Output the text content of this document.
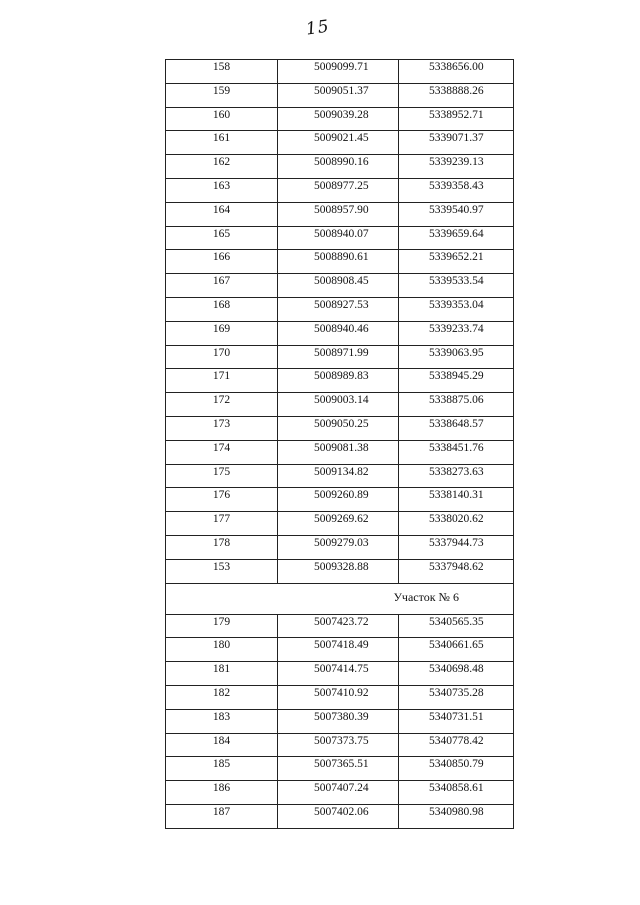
15
158	5009099.71	5338656.00
159	5009051.37	5338888.26
160	5009039.28	5338952.71
161	5009021.45	5339071.37
162	5008990.16	5339239.13
163	5008977.25	5339358.43
164	5008957.90	5339540.97
165	5008940.07	5339659.64
166	5008890.61	5339652.21
167	5008908.45	5339533.54
168	5008927.53	5339353.04
169	5008940.46	5339233.74
170	5008971.99	5339063.95
171	5008989.83	5338945.29
172	5009003.14	5338875.06
173	5009050.25	5338648.57
174	5009081.38	5338451.76
175	5009134.82	5338273.63
176	5009260.89	5338140.31
177	5009269.62	5338020.62
178	5009279.03	5337944.73
153	5009328.88	5337948.62
Участок № 6		
179	5007423.72	5340565.35
180	5007418.49	5340661.65
181	5007414.75	5340698.48
182	5007410.92	5340735.28
183	5007380.39	5340731.51
184	5007373.75	5340778.42
185	5007365.51	5340850.79
186	5007407.24	5340858.61
187	5007402.06	5340980.98
